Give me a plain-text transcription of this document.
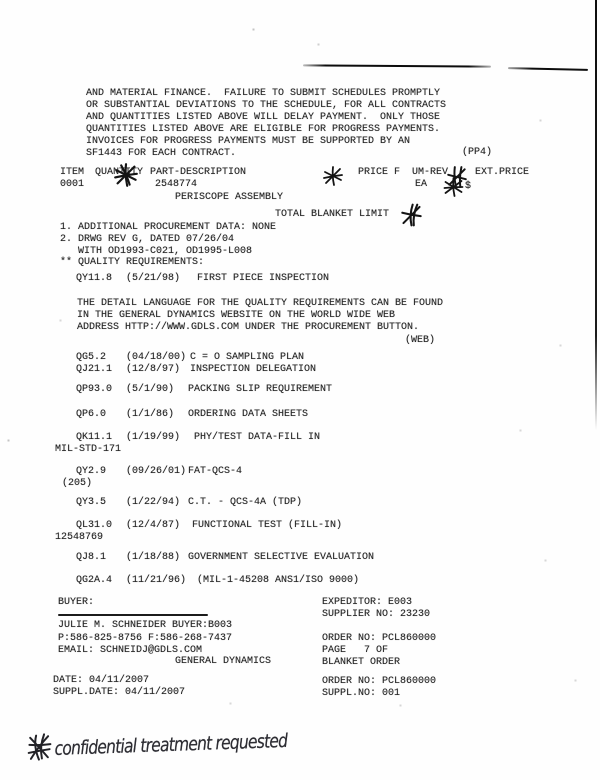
AND MATERIAL FINANCE.  FAILURE TO SUBMIT SCHEDULES PROMPTLY
OR SUBSTANTIAL DEVIATIONS TO THE SCHEDULE, FOR ALL CONTRACTS
AND QUANTITIES LISTED ABOVE WILL DELAY PAYMENT.  ONLY THOSE
QUANTITIES LISTED ABOVE ARE ELIGIBLE FOR PROGRESS PAYMENTS.
INVOICES FOR PROGRESS PAYMENTS MUST BE SUPPORTED BY AN
SF1443 FOR EACH CONTRACT.	(PP4)
ITEM QUANTITY PART-DESCRIPTION	PRICE F UM-REV	EXT.PRICE
0001	2548774	EA	$
PERISCOPE ASSEMBLY
TOTAL BLANKET LIMIT
1. ADDITIONAL PROCUREMENT DATA: NONE
2. DRWG REV G, DATED 07/26/04
WITH OD1993-C021, OD1995-L008
** QUALITY REQUIREMENTS:
QY11.8 (5/21/98) FIRST PIECE INSPECTION
THE DETAIL LANGUAGE FOR THE QUALITY REQUIREMENTS CAN BE FOUND
IN THE GENERAL DYNAMICS WEBSITE ON THE WORLD WIDE WEB
ADDRESS HTTP://WWW.GDLS.COM UNDER THE PROCUREMENT BUTTON.
(WEB)
QG5.2 (04/18/00) C = O SAMPLING PLAN
QJ21.1 (12/8/97) INSPECTION DELEGATION
QP93.0 (5/1/90) PACKING SLIP REQUIREMENT
QP6.0 (1/1/86) ORDERING DATA SHEETS
QK11.1 (1/19/99) PHY/TEST DATA-FILL IN
MIL-STD-171
QY2.9 (09/26/01) FAT-QCS-4
(205)
QY3.5 (1/22/94) C.T. - QCS-4A (TDP)
QL31.0 (12/4/87) FUNCTIONAL TEST (FILL-IN)
12548769
QJ8.1 (1/18/88) GOVERNMENT SELECTIVE EVALUATION
QG2A.4 (11/21/96) (MIL-1-45208 ANS1/ISO 9000)
BUYER:
JULIE M. SCHNEIDER BUYER:B003
P:586-825-8756 F:586-268-7437
EMAIL: SCHNEIDJ@GDLS.COM
GENERAL DYNAMICS
DATE: 04/11/2007
SUPPL.DATE: 04/11/2007
EXPEDITOR: E003
SUPPLIER NO: 23230
ORDER NO: PCL860000
PAGE   7 OF
BLANKET ORDER
ORDER NO: PCL860000
SUPPL.NO: 001
confidential treatment requested
